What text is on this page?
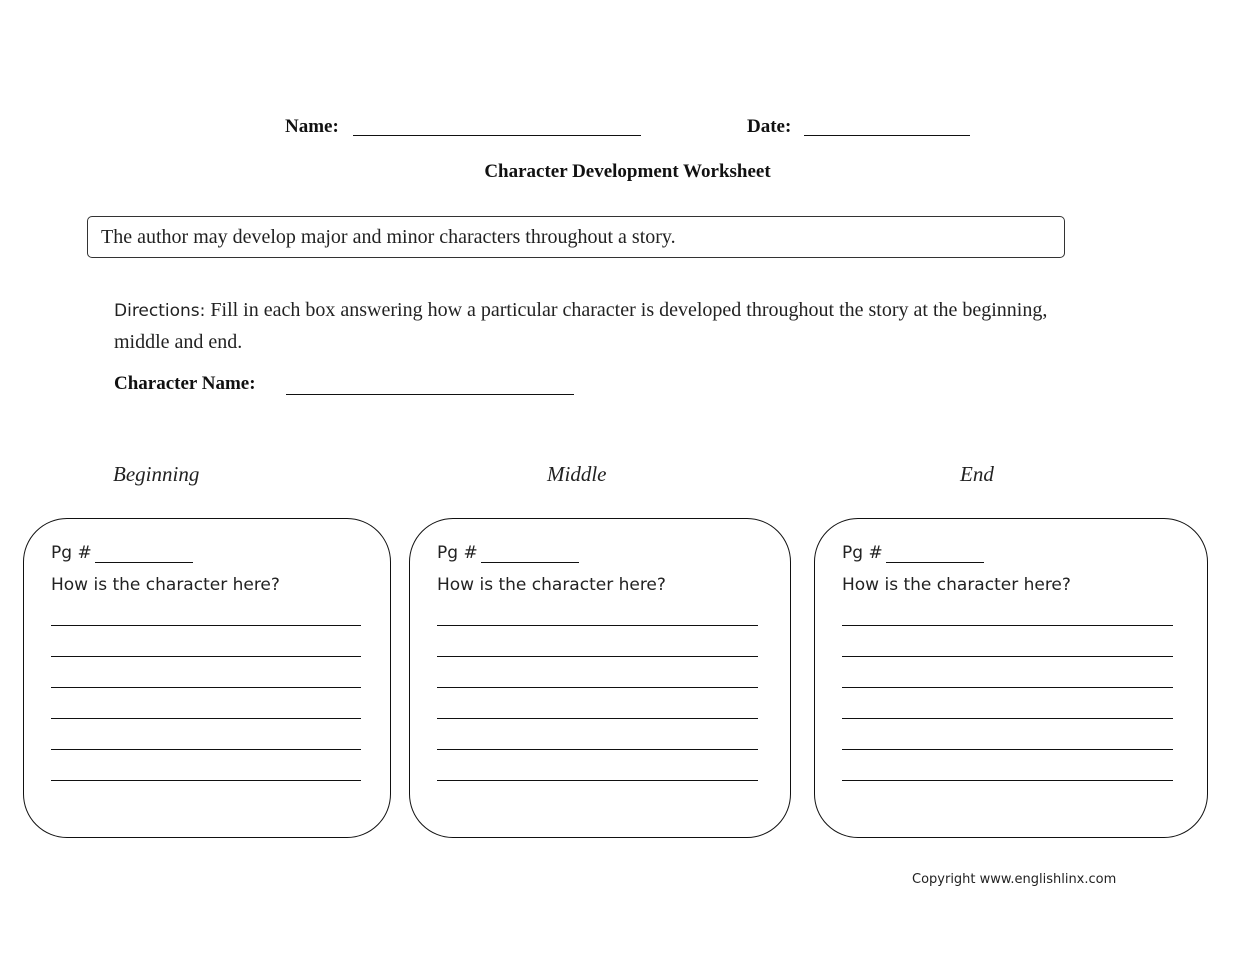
Name:	Date:
Character Development Worksheet
The author may develop major and minor characters throughout a story.
Directions: Fill in each box answering how a particular character is developed throughout the story at the beginning, middle and end.
Character Name:
Beginning	Middle	End
Pg #
How is the character here?
Pg #
How is the character here?
Pg #
How is the character here?
Copyright www.englishlinx.com
